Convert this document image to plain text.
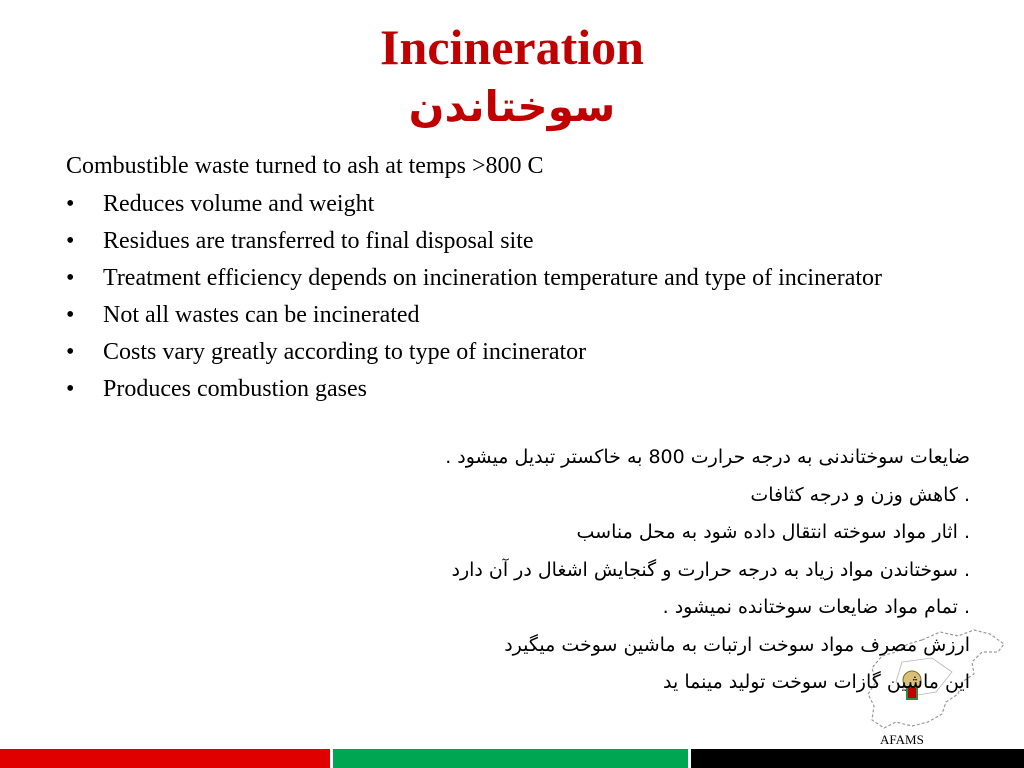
Incineration
سوختاندن
Combustible waste turned to ash at temps >800 C
•	Reduces volume and weight
•	Residues are transferred to final disposal site
•	Treatment efficiency depends on incineration temperature and type of incinerator
•	Not all wastes can be incinerated
•	Costs vary greatly according to type of incinerator
•	Produces combustion gases
ضایعات سوختاندنی به درجه حرارت 800 به خاکستر تبدیل میشود .
. کاهش وزن و درجه کثافات
. اثار مواد سوخته انتقال داده شود به محل مناسب
. سوختاندن مواد زیاد به درجه حرارت و گنجایش اشغال در آن دارد
. تمام مواد ضایعات سوختانده نمیشود .
ارزش مصرف مواد سوخت ارتبات به ماشین سوخت میگیرد
این ماشین گازات سوخت تولید مینما ید
AFAMS
